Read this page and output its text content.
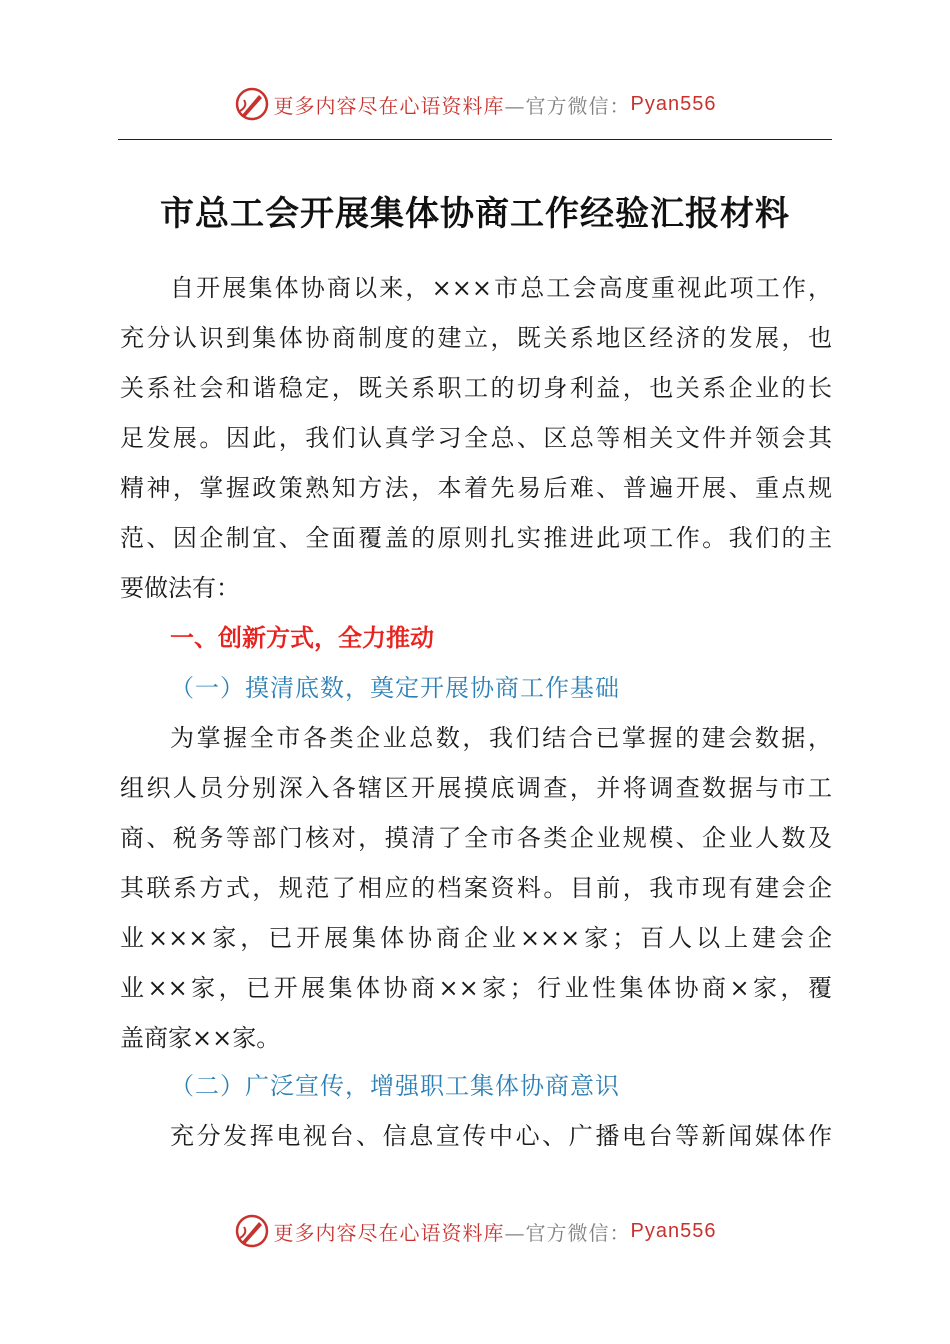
更多内容尽在心语资料库 —官方微信： Pyan556
市总工会开展集体协商工作经验汇报材料
自开展集体协商以来，×××市总工会高度重视此项工作，
充分认识到集体协商制度的建立，既关系地区经济的发展，也
关系社会和谐稳定，既关系职工的切身利益，也关系企业的长
足发展。因此，我们认真学习全总、区总等相关文件并领会其
精神，掌握政策熟知方法，本着先易后难、普遍开展、重点规
范、因企制宜、全面覆盖的原则扎实推进此项工作。我们的主
要做法有：
一、创新方式，全力推动
（一）摸清底数，奠定开展协商工作基础
为掌握全市各类企业总数，我们结合已掌握的建会数据，
组织人员分别深入各辖区开展摸底调查，并将调查数据与市工
商、税务等部门核对，摸清了全市各类企业规模、企业人数及
其联系方式，规范了相应的档案资料。目前，我市现有建会企
业×××家，已开展集体协商企业×××家；百人以上建会企
业××家，已开展集体协商××家；行业性集体协商×家，覆
盖商家××家。
（二）广泛宣传，增强职工集体协商意识
充分发挥电视台、信息宣传中心、广播电台等新闻媒体作
更多内容尽在心语资料库 —官方微信： Pyan556
